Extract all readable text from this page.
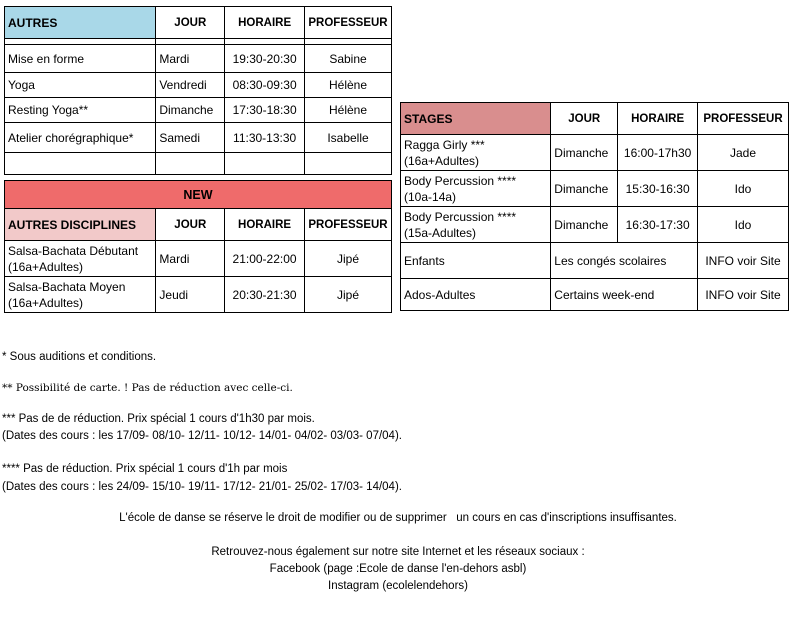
AUTRES	JOUR	HORAIRE	PROFESSEUR

Mise en forme	Mardi	19:30-20:30	Sabine
Yoga	Vendredi	08:30-09:30	Hélène
Resting Yoga**	Dimanche	17:30-18:30	Hélène
Atelier chorégraphique*	Samedi	11:30-13:30	Isabelle

NEW			
AUTRES DISCIPLINES	JOUR	HORAIRE	PROFESSEUR
Salsa-Bachata Débutant
(16a+Adultes)	Mardi	21:00-22:00	Jipé
Salsa-Bachata Moyen
(16a+Adultes)	Jeudi	20:30-21:30	Jipé
STAGES	JOUR	HORAIRE	PROFESSEUR
Ragga Girly ***
(16a+Adultes)	Dimanche	16:00-17h30	Jade
Body Percussion ****
(10a-14a)	Dimanche	15:30-16:30	Ido
Body Percussion ****
(15a-Adultes)	Dimanche	16:30-17:30	Ido
Enfants	Les congés scolaires		INFO voir Site
Ados-Adultes	Certains week-end		INFO voir Site
* Sous auditions et conditions.
** Possibilité de carte. ! Pas de réduction avec celle-ci.
*** Pas de de réduction. Prix spécial 1 cours d'1h30 par mois.
(Dates des cours : les 17/09- 08/10- 12/11- 10/12- 14/01- 04/02- 03/03- 07/04).
**** Pas de réduction. Prix spécial 1 cours d'1h par mois
(Dates des cours : les 24/09- 15/10- 19/11- 17/12- 21/01- 25/02- 17/03- 14/04).
L'école de danse se réserve le droit de modifier ou de supprimer   un cours en cas d'inscriptions insuffisantes.
Retrouvez-nous également sur notre site Internet et les réseaux sociaux :
Facebook (page :Ecole de danse l'en-dehors asbl)
Instagram (ecolelendehors)
